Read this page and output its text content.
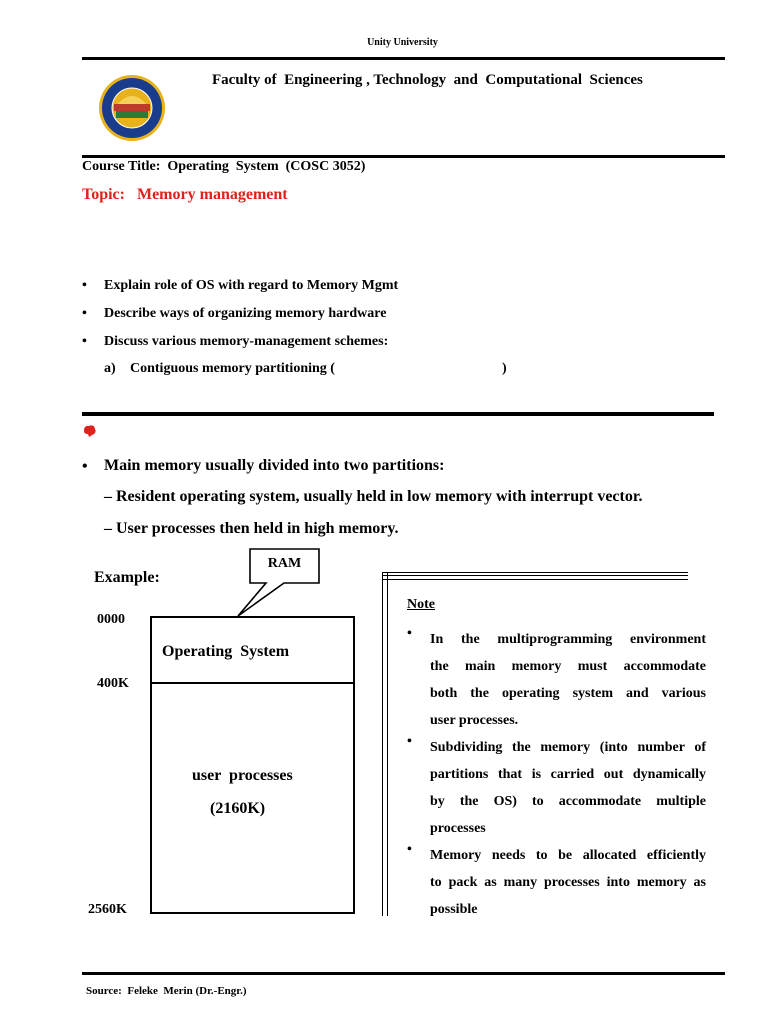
Unity University
Faculty of  Engineering , Technology  and  Computational  Sciences
Course Title:  Operating  System  (COSC 3052)
Topic:   Memory management
• Explain role of OS with regard to Memory Mgmt
• Describe ways of organizing memory hardware
• Discuss various memory-management schemes:
a) Contiguous memory partitioning (	)
• Main memory usually divided into two partitions:
– Resident operating system, usually held in low memory with interrupt vector.
– User processes then held in high memory.
Example:
RAM
0000
400K
2560K
Operating  System
user  processes
(2160K)
Note
• In the multiprogramming environment
the main memory must accommodate
both the operating system and various
user processes.
• Subdividing the memory (into number of
partitions that is carried out dynamically
by the OS) to accommodate multiple
processes
• Memory needs to be allocated efficiently
to pack as many processes into memory as
possible
Source:  Feleke  Merin (Dr.-Engr.)
